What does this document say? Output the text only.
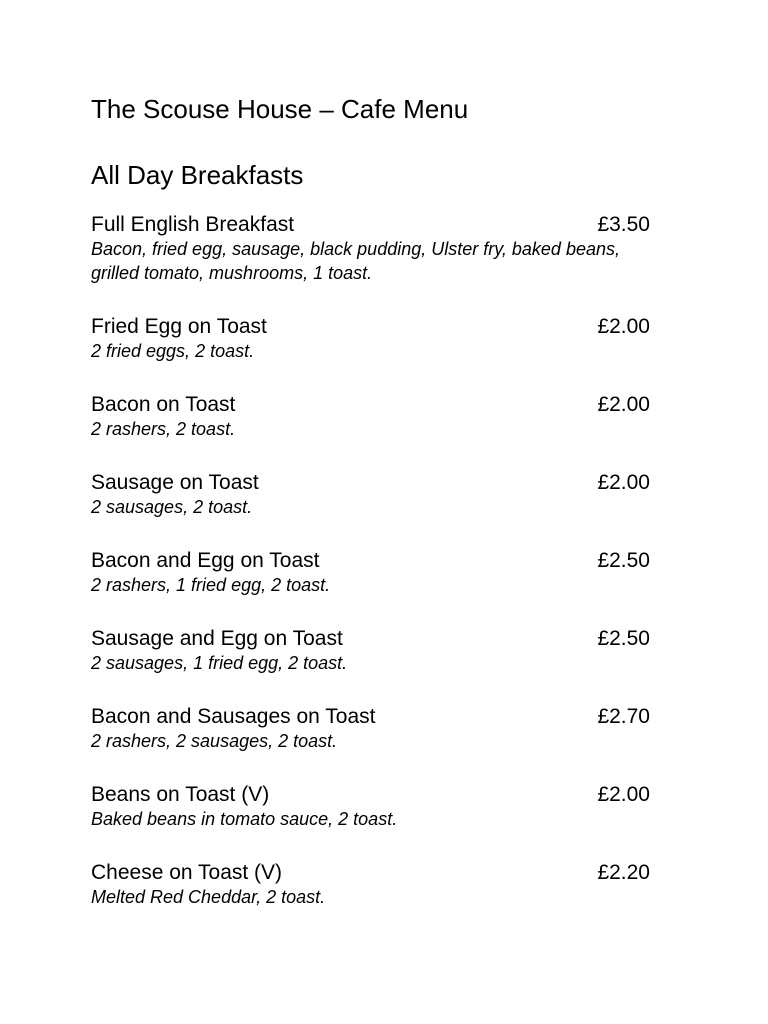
The Scouse House – Cafe Menu
All Day Breakfasts
Full English Breakfast	£3.50
Bacon, fried egg, sausage, black pudding, Ulster fry, baked beans, grilled tomato, mushrooms, 1 toast.
Fried Egg on Toast	£2.00
2 fried eggs, 2 toast.
Bacon on Toast	£2.00
2 rashers, 2 toast.
Sausage on Toast	£2.00
2 sausages, 2 toast.
Bacon and Egg on Toast	£2.50
2 rashers, 1 fried egg, 2 toast.
Sausage and Egg on Toast	£2.50
2 sausages, 1 fried egg, 2 toast.
Bacon and Sausages on Toast	£2.70
2 rashers, 2 sausages, 2 toast.
Beans on Toast (V)	£2.00
Baked beans in tomato sauce, 2 toast.
Cheese on Toast (V)	£2.20
Melted Red Cheddar, 2 toast.
